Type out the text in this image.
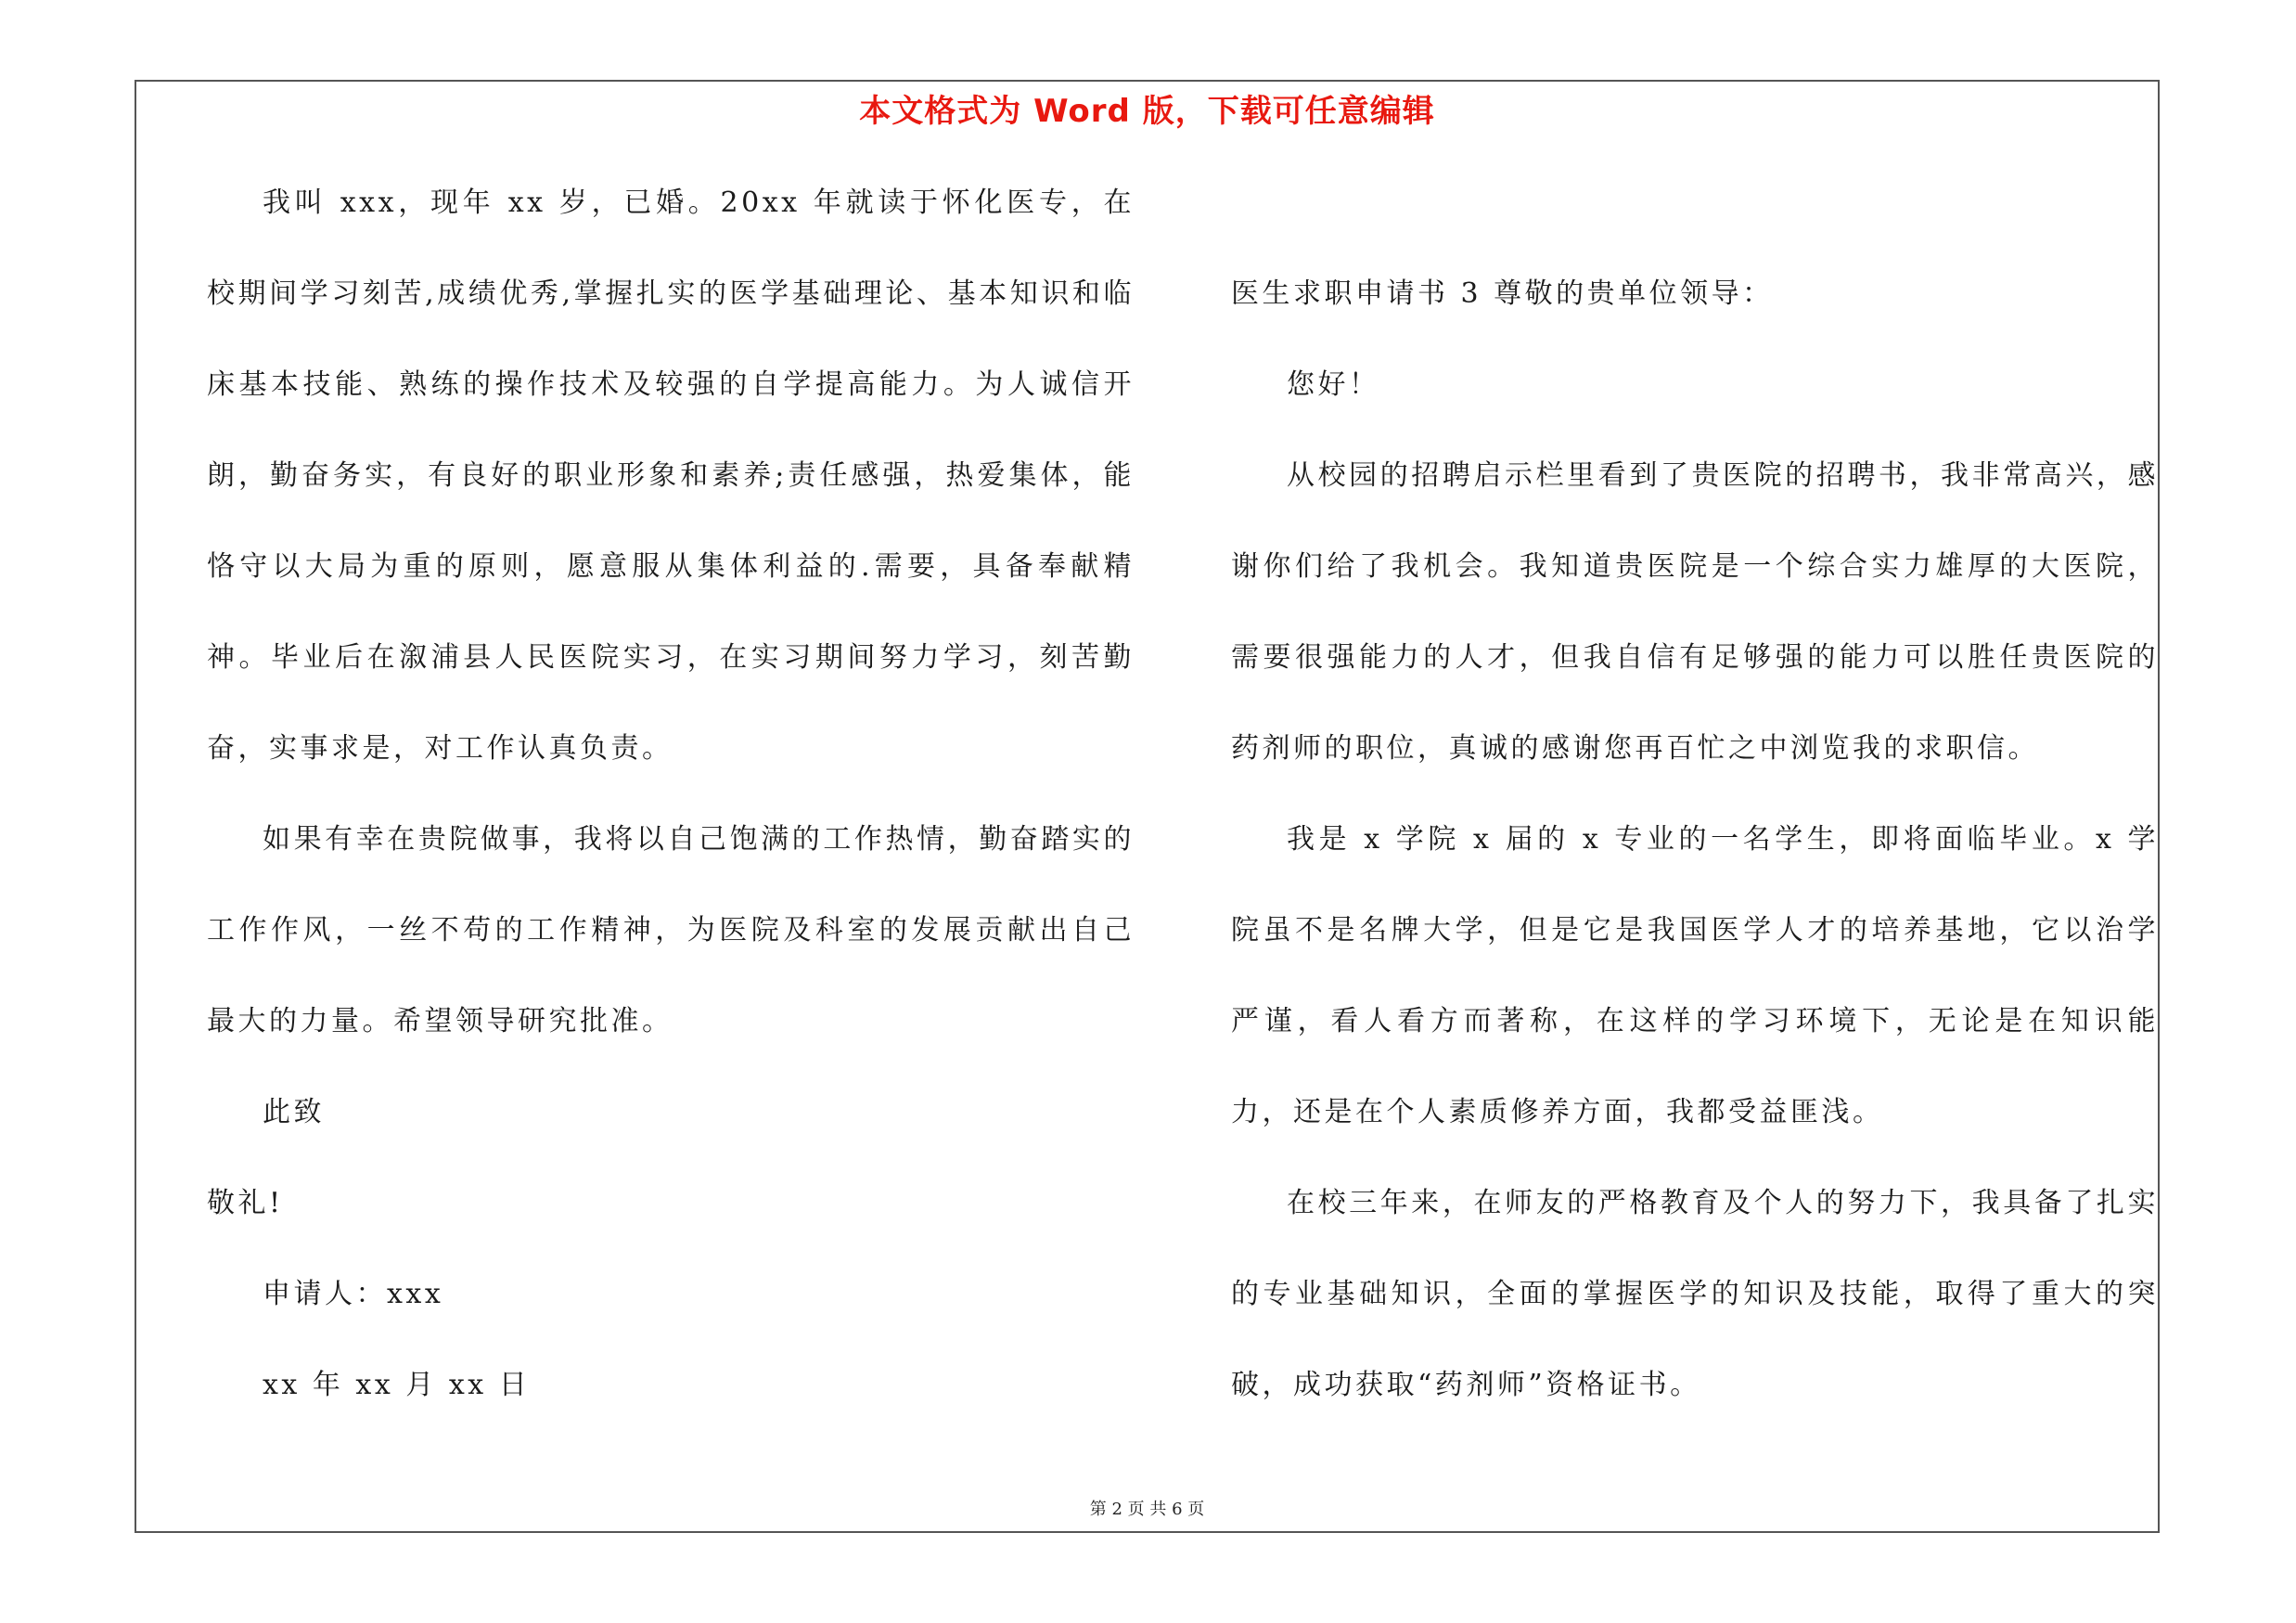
本文格式为 Word 版，下载可任意编辑

我叫 xxx，现年 xx 岁，已婚。20xx 年就读于怀化医专，在校期间学习刻苦,成绩优秀,掌握扎实的医学基础理论、基本知识和临床基本技能、熟练的操作技术及较强的自学提高能力。为人诚信开朗，勤奋务实，有良好的职业形象和素养;责任感强，热爱集体，能恪守以大局为重的原则，愿意服从集体利益的.需要，具备奉献精神。毕业后在溆浦县人民医院实习，在实习期间努力学习，刻苦勤奋，实事求是，对工作认真负责。

如果有幸在贵院做事，我将以自己饱满的工作热情，勤奋踏实的工作作风，一丝不苟的工作精神，为医院及科室的发展贡献出自己最大的力量。希望领导研究批准。

此致

敬礼!

申请人：xxx

xx 年 xx 月 xx 日

医生求职申请书 3 尊敬的贵单位领导：

您好！

从校园的招聘启示栏里看到了贵医院的招聘书，我非常高兴，感谢你们给了我机会。我知道贵医院是一个综合实力雄厚的大医院，需要很强能力的人才，但我自信有足够强的能力可以胜任贵医院的药剂师的职位，真诚的感谢您再百忙之中浏览我的求职信。

我是 x 学院 x 届的 x 专业的一名学生，即将面临毕业。x 学院虽不是名牌大学，但是它是我国医学人才的培养基地，它以治学严谨，看人看方而著称，在这样的学习环境下，无论是在知识能力，还是在个人素质修养方面，我都受益匪浅。

在校三年来，在师友的严格教育及个人的努力下，我具备了扎实的专业基础知识，全面的掌握医学的知识及技能，取得了重大的突破，成功获取“药剂师”资格证书。

第 2 页 共 6 页
